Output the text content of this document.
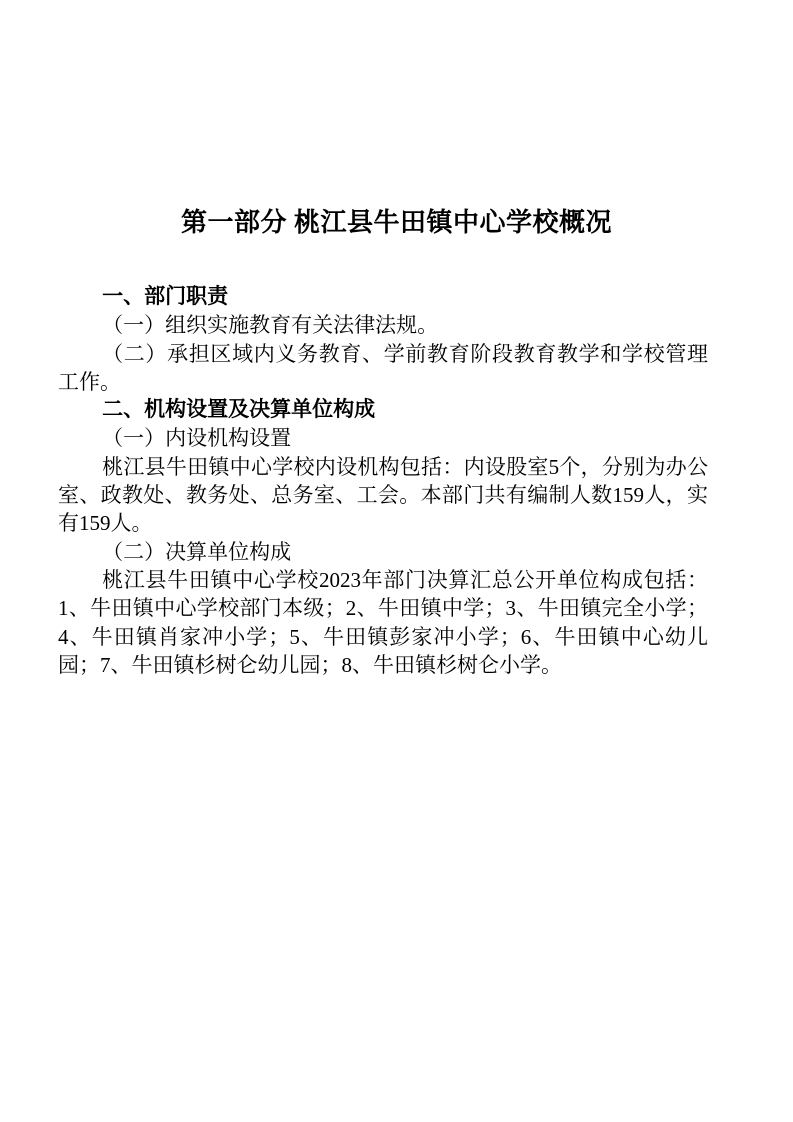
第一部分 桃江县牛田镇中心学校概况

一、部门职责

（一）组织实施教育有关法律法规。

（二）承担区域内义务教育、学前教育阶段教育教学和学校管理工作。

二、机构设置及决算单位构成

（一）内设机构设置

桃江县牛田镇中心学校内设机构包括：内设股室5个，分别为办公室、政教处、教务处、总务室、工会。本部门共有编制人数159人，实有159人。

（二）决算单位构成

桃江县牛田镇中心学校2023年部门决算汇总公开单位构成包括：1、牛田镇中心学校部门本级；2、牛田镇中学；3、牛田镇完全小学；4、牛田镇肖家冲小学；5、牛田镇彭家冲小学；6、牛田镇中心幼儿园；7、牛田镇杉树仑幼儿园；8、牛田镇杉树仑小学。
